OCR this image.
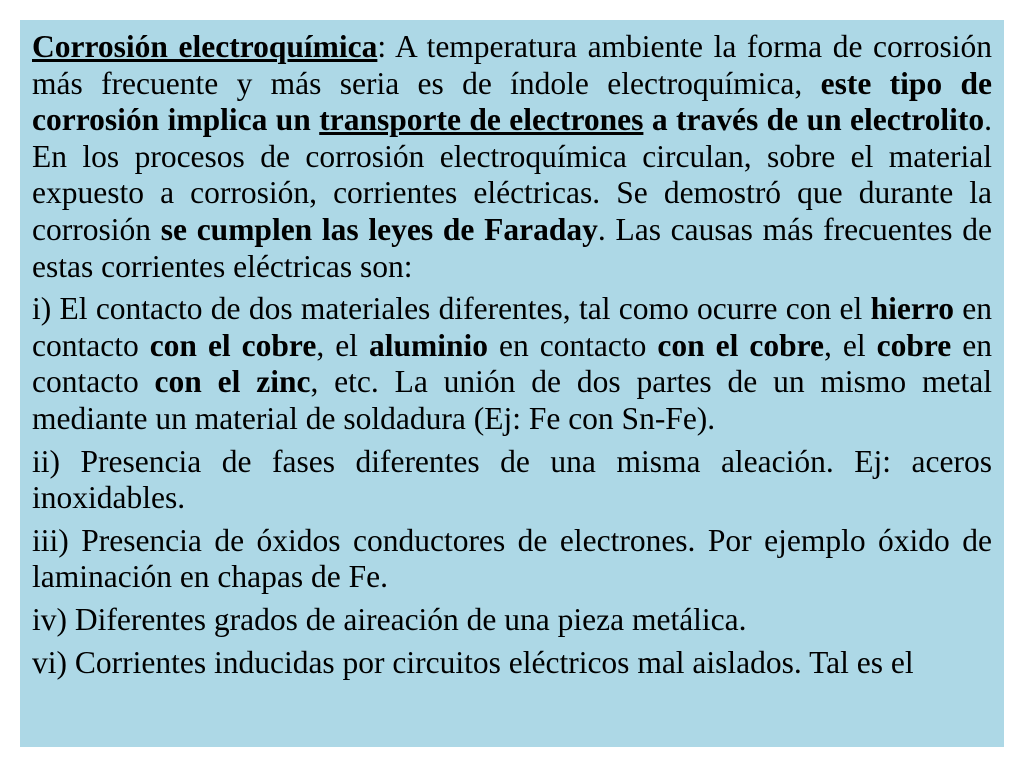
Corrosión electroquímica: A temperatura ambiente la forma de corrosión más frecuente y más seria es de índole electroquímica, este tipo de corrosión implica un transporte de electrones a través de un electrolito. En los procesos de corrosión electroquímica circulan, sobre el material expuesto a corrosión, corrientes eléctricas. Se demostró que durante la corrosión se cumplen las leyes de Faraday. Las causas más frecuentes de estas corrientes eléctricas son:

i) El contacto de dos materiales diferentes, tal como ocurre con el hierro en contacto con el cobre, el aluminio en contacto con el cobre, el cobre en contacto con el zinc, etc. La unión de dos partes de un mismo metal mediante un material de soldadura (Ej: Fe con Sn-Fe).

ii) Presencia de fases diferentes de una misma aleación. Ej: aceros inoxidables.

iii) Presencia de óxidos conductores de electrones. Por ejemplo óxido de laminación en chapas de Fe.

iv) Diferentes grados de aireación de una pieza metálica.

vi) Corrientes inducidas por circuitos eléctricos mal aislados. Tal es el
